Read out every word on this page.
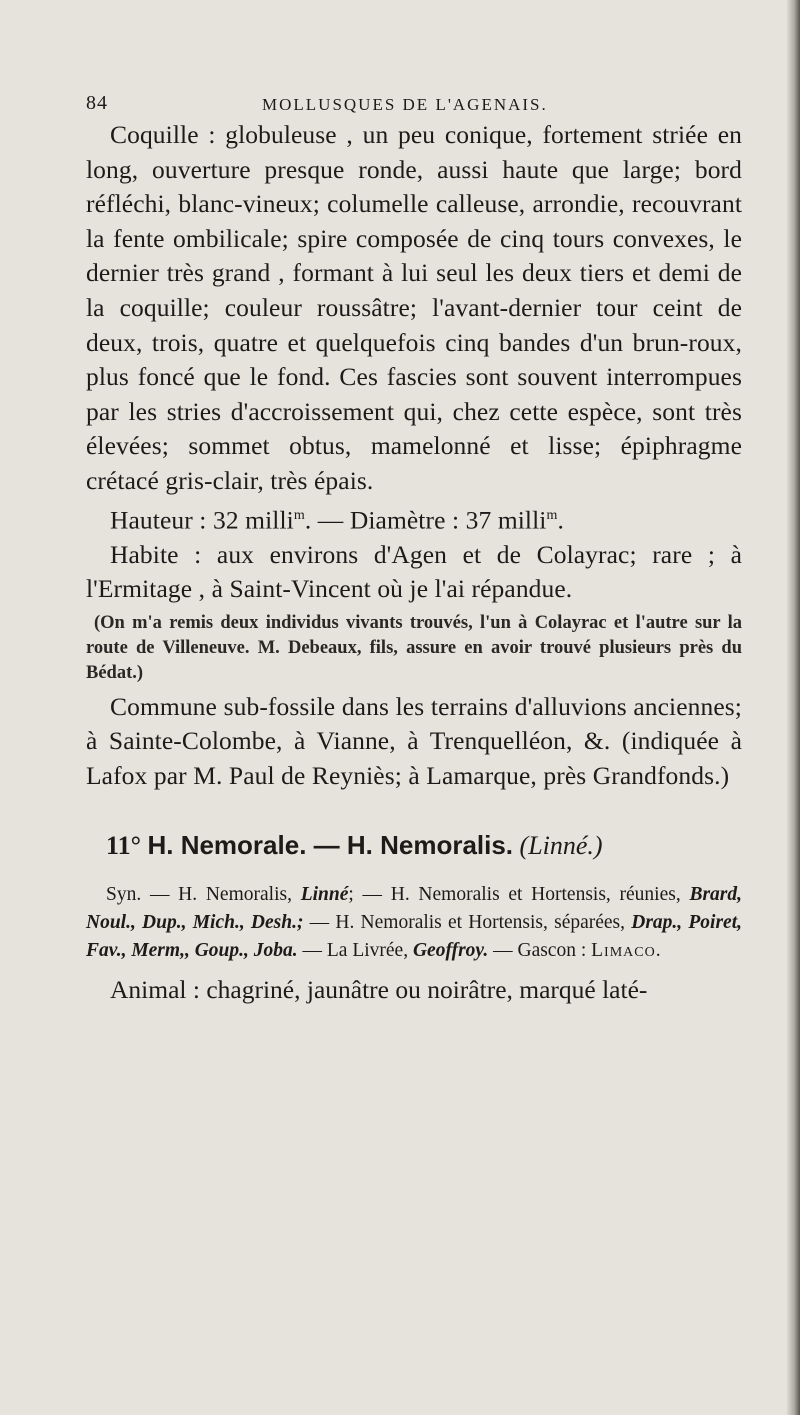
84	MOLLUSQUES DE L'AGENAIS.

Coquille : globuleuse , un peu conique, fortement striée en long, ouverture presque ronde, aussi haute que large; bord réfléchi, blanc-vineux; columelle calleuse, arrondie, recouvrant la fente ombilicale; spire composée de cinq tours convexes, le dernier très grand , formant à lui seul les deux tiers et demi de la coquille; couleur roussâtre; l'avant-dernier tour ceint de deux, trois, quatre et quelquefois cinq bandes d'un brun-roux, plus foncé que le fond. Ces fascies sont souvent interrompues par les stries d'accroissement qui, chez cette espèce, sont très élevées; sommet obtus, mamelonné et lisse; épiphragme crétacé gris-clair, très épais.

Hauteur : 32 milli$^m$. — Diamètre : 37 milli$^m$.

Habite : aux environs d'Agen et de Colayrac; rare ; à l'Ermitage , à Saint-Vincent où je l'ai répandue.

(On m'a remis deux individus vivants trouvés, l'un à Colayrac et l'autre sur la route de Villeneuve. M. Debeaux, fils, assure en avoir trouvé plusieurs près du Bédat.)

Commune sub-fossile dans les terrains d'alluvions anciennes; à Sainte-Colombe, à Vianne, à Trenquelléon, &. (indiquée à Lafox par M. Paul de Reyniès; à Lamarque, près Grandfonds.)

11° H. Nemorale. — H. Nemoralis. (Linné.)

Syn. — H. Nemoralis, Linné; — H. Nemoralis et Hortensis, réunies, Brard, Noul., Dup., Mich., Desh.; — H. Nemoralis et Hortensis, séparées, Drap., Poiret, Fav., Merm,, Goup., Joba. — La Livrée, Geoffroy. — Gascon : Limaco.

Animal : chagriné, jaunâtre ou noirâtre, marqué laté-
